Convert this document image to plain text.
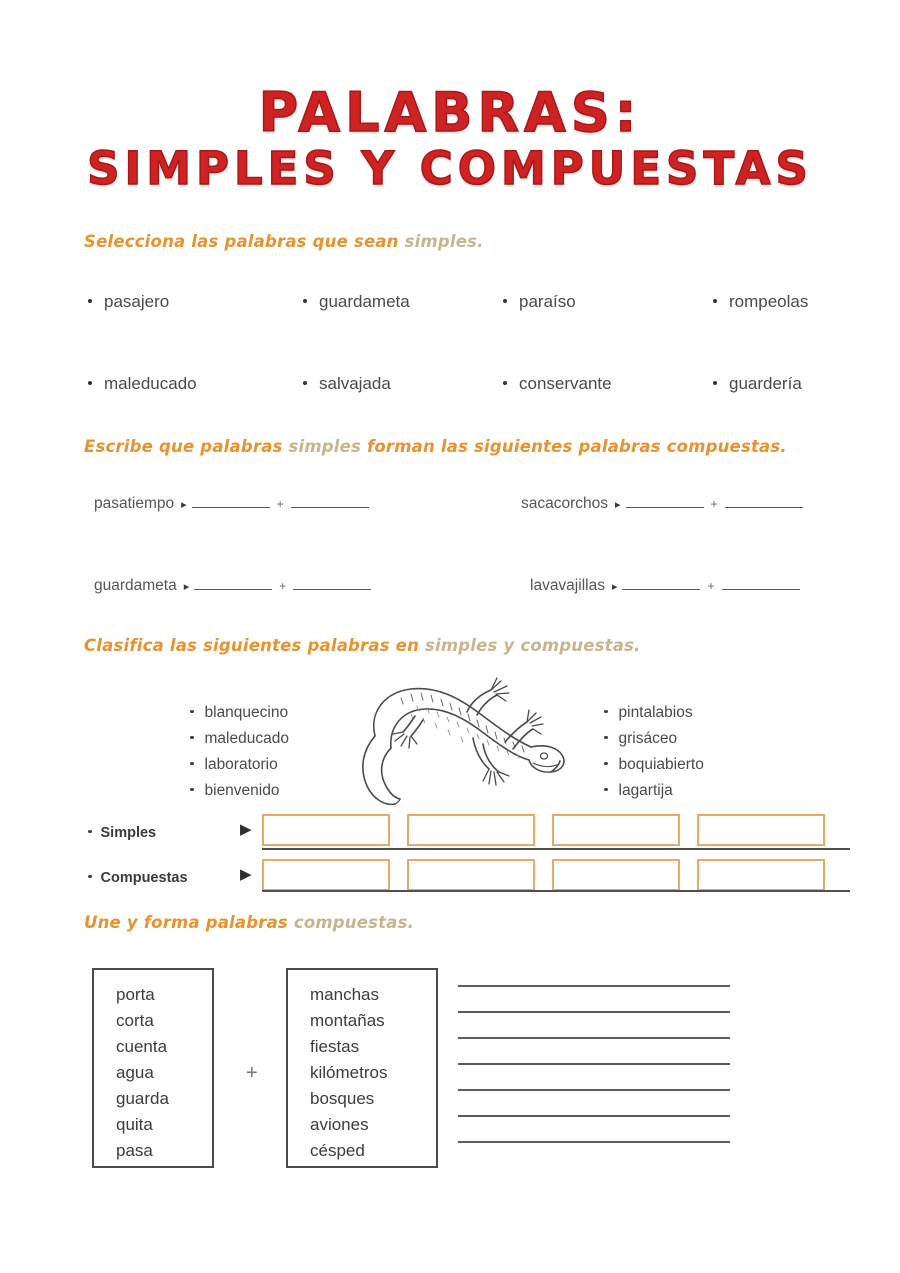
PALABRAS:
SIMPLES Y COMPUESTAS
Selecciona las palabras que sean simples.
pasajero	guardameta	paraíso	rompeolas
maleducado	salvajada	conservante	guardería
Escribe que palabras simples forman las siguientes palabras compuestas.
pasatiempo ▸	+	sacacorchos ▸	+
guardameta ▸	+	lavavajillas ▸	+
Clasifica las siguientes palabras en simples y compuestas.
blanquecino
maleducado
laboratorio
bienvenido
pintalabios
grisáceo
boquiabierto
lagartija
Simples	▶
Compuestas	▶
Une y forma palabras compuestas.
porta
corta
cuenta
agua
guarda
quita
pasa
+
manchas
montañas
fiestas
kilómetros
bosques
aviones
césped
